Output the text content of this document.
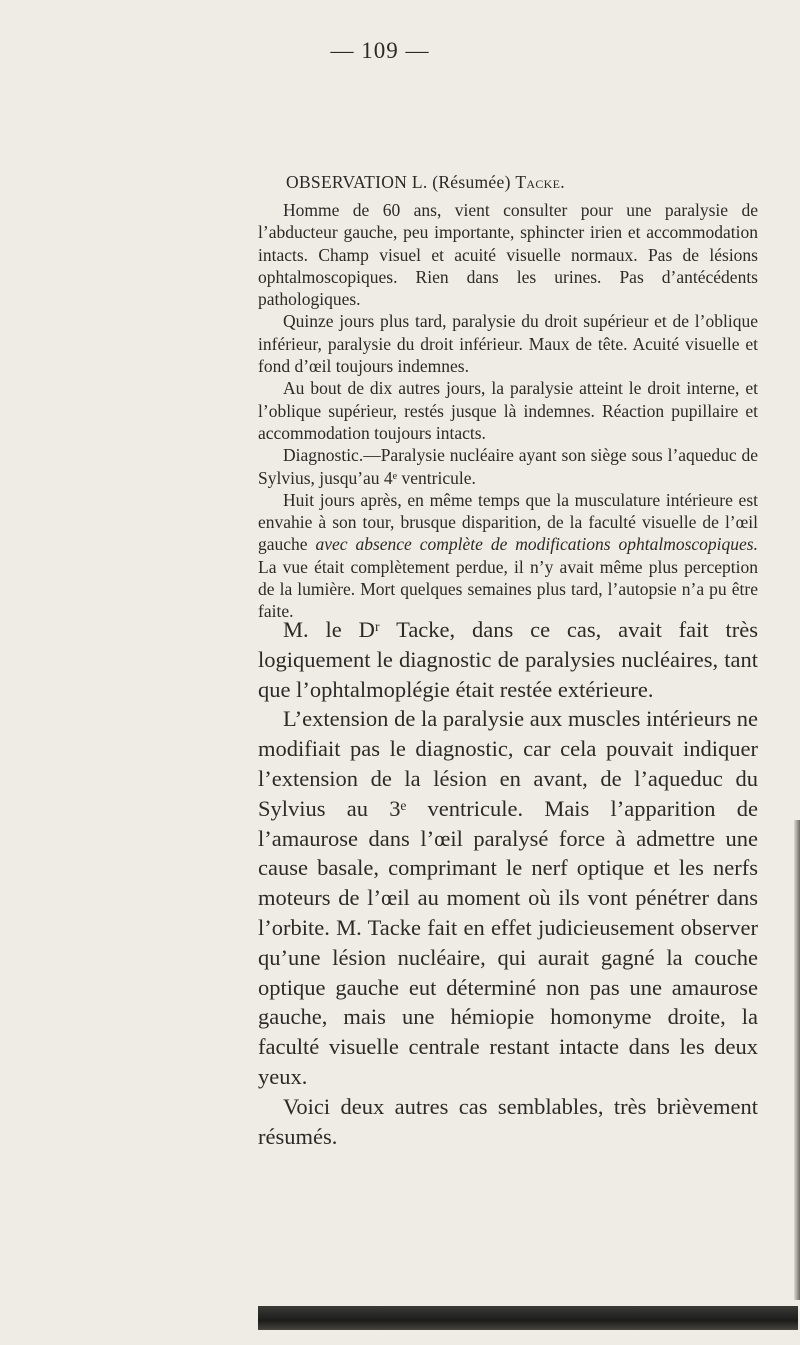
— 109 —
OBSERVATION L. (Résumée) Tacke.

Homme de 60 ans, vient consulter pour une paralysie de l’abducteur gauche, peu importante, sphincter irien et accommodation intacts. Champ visuel et acuité visuelle normaux. Pas de lésions ophtalmoscopiques. Rien dans les urines. Pas d’antécédents pathologiques.

Quinze jours plus tard, paralysie du droit supérieur et de l’oblique inférieur, paralysie du droit inférieur. Maux de tête. Acuité visuelle et fond d’œil toujours indemnes.

Au bout de dix autres jours, la paralysie atteint le droit interne, et l’oblique supérieur, restés jusque là indemnes. Réaction pupillaire et accommodation toujours intacts.

Diagnostic.—Paralysie nucléaire ayant son siège sous l’aqueduc de Sylvius, jusqu’au 4ᵉ ventricule.

Huit jours après, en même temps que la musculature intérieure est envahie à son tour, brusque disparition, de la faculté visuelle de l’œil gauche avec absence complète de modifications ophtalmoscopiques. La vue était complètement perdue, il n’y avait même plus perception de la lumière. Mort quelques semaines plus tard, l’autopsie n’a pu être faite.

M. le Dʳ Tacke, dans ce cas, avait fait très logiquement le diagnostic de paralysies nucléaires, tant que l’ophtalmoplégie était restée extérieure.

L’extension de la paralysie aux muscles intérieurs ne modifiait pas le diagnostic, car cela pouvait indiquer l’extension de la lésion en avant, de l’aqueduc du Sylvius au 3ᵉ ventricule. Mais l’apparition de l’amaurose dans l’œil paralysé force à admettre une cause basale, comprimant le nerf optique et les nerfs moteurs de l’œil au moment où ils vont pénétrer dans l’orbite. M. Tacke fait en effet judicieusement observer qu’une lésion nucléaire, qui aurait gagné la couche optique gauche eut déterminé non pas une amaurose gauche, mais une hémiopie homonyme droite, la faculté visuelle centrale restant intacte dans les deux yeux.

Voici deux autres cas semblables, très brièvement résumés.
